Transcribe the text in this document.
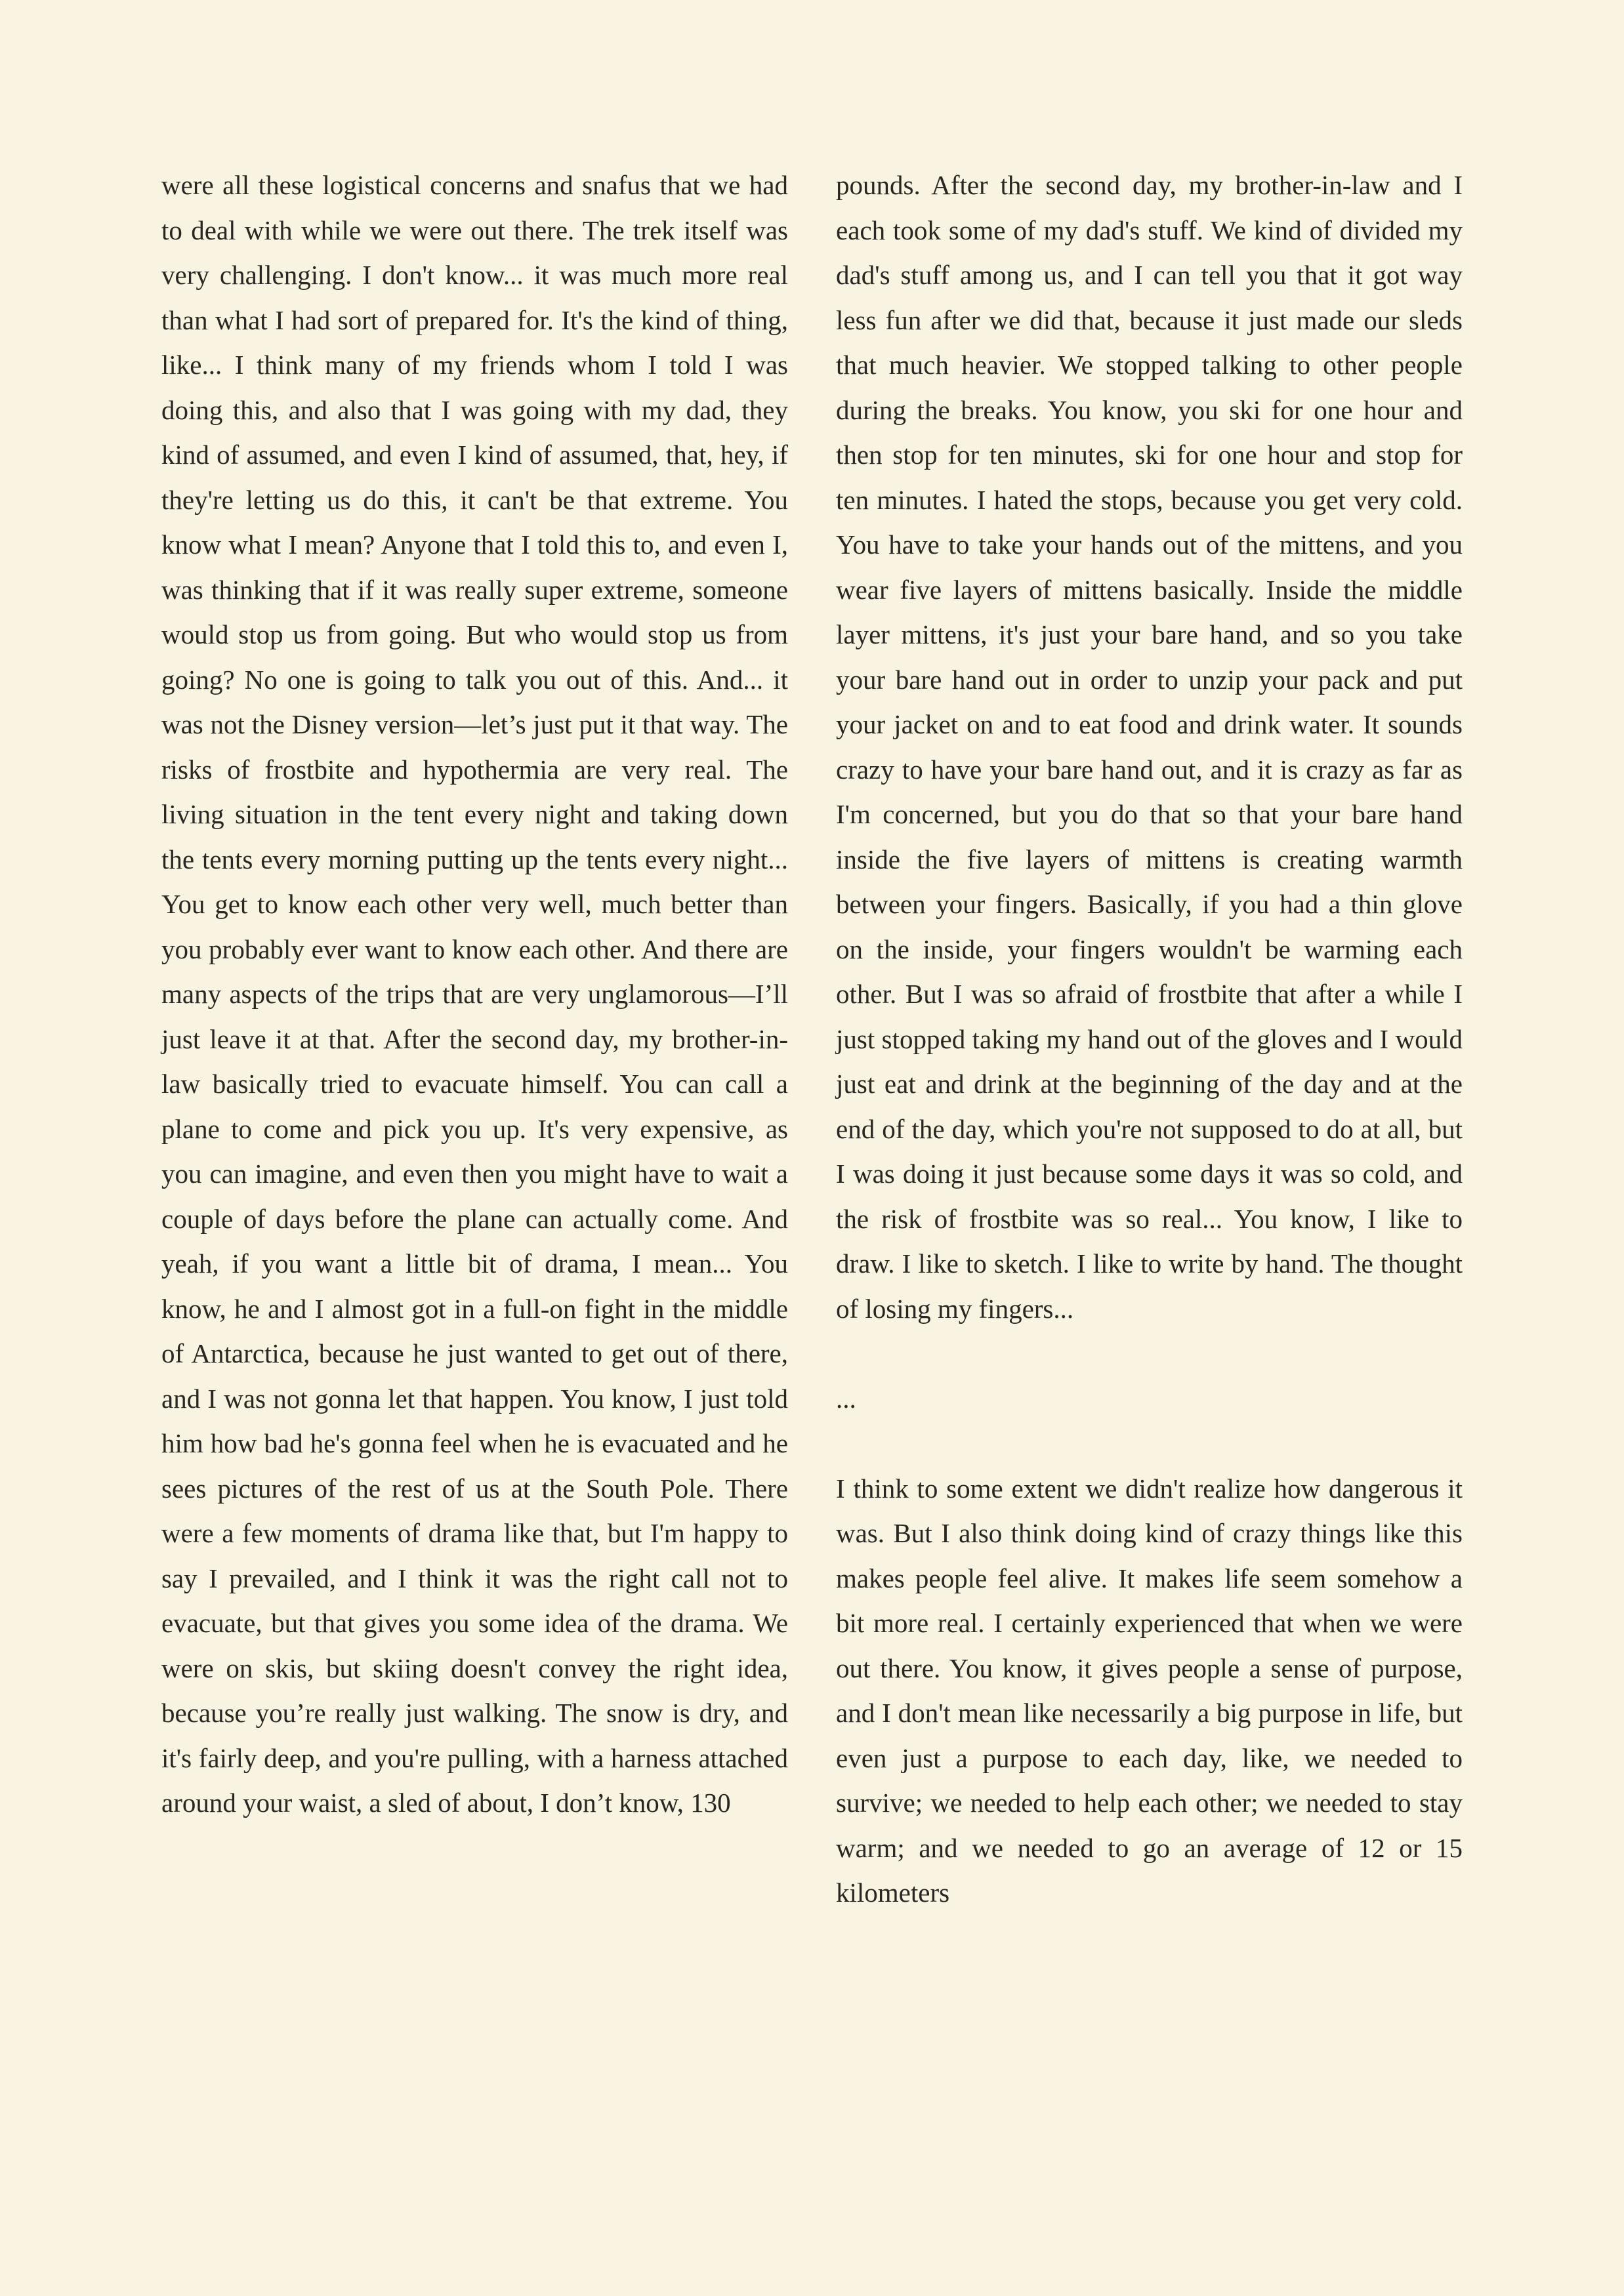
were all these logistical concerns and snafus that we had to deal with while we were out there. The trek itself was very challenging. I don't know... it was much more real than what I had sort of prepared for. It's the kind of thing, like... I think many of my friends whom I told I was doing this, and also that I was going with my dad, they kind of assumed, and even I kind of assumed, that, hey, if they're letting us do this, it can't be that extreme. You know what I mean? Anyone that I told this to, and even I, was thinking that if it was really super extreme, someone would stop us from going. But who would stop us from going? No one is going to talk you out of this. And... it was not the Disney version—let’s just put it that way. The risks of frostbite and hypothermia are very real. The living situation in the tent every night and taking down the tents every morning putting up the tents every night... You get to know each other very well, much better than you probably ever want to know each other. And there are many aspects of the trips that are very unglamorous—I’ll just leave it at that. After the second day, my brother-in-law basically tried to evacuate himself. You can call a plane to come and pick you up. It's very expensive, as you can imagine, and even then you might have to wait a couple of days before the plane can actually come. And yeah, if you want a little bit of drama, I mean... You know, he and I almost got in a full-on fight in the middle of Antarctica, because he just wanted to get out of there, and I was not gonna let that happen. You know, I just told him how bad he's gonna feel when he is evacuated and he sees pictures of the rest of us at the South Pole. There were a few moments of drama like that, but I'm happy to say I prevailed, and I think it was the right call not to evacuate, but that gives you some idea of the drama. We were on skis, but skiing doesn't convey the right idea, because you’re really just walking. The snow is dry, and it's fairly deep, and you're pulling, with a harness attached around your waist, a sled of about, I don’t know, 130

pounds. After the second day, my brother-in-law and I each took some of my dad's stuff. We kind of divided my dad's stuff among us, and I can tell you that it got way less fun after we did that, because it just made our sleds that much heavier. We stopped talking to other people during the breaks. You know, you ski for one hour and then stop for ten minutes, ski for one hour and stop for ten minutes. I hated the stops, because you get very cold. You have to take your hands out of the mittens, and you wear five layers of mittens basically. Inside the middle layer mittens, it's just your bare hand, and so you take your bare hand out in order to unzip your pack and put your jacket on and to eat food and drink water. It sounds crazy to have your bare hand out, and it is crazy as far as I'm concerned, but you do that so that your bare hand inside the five layers of mittens is creating warmth between your fingers. Basically, if you had a thin glove on the inside, your fingers wouldn't be warming each other. But I was so afraid of frostbite that after a while I just stopped taking my hand out of the gloves and I would just eat and drink at the beginning of the day and at the end of the day, which you're not supposed to do at all, but I was doing it just because some days it was so cold, and the risk of frostbite was so real... You know, I like to draw. I like to sketch. I like to write by hand. The thought of losing my fingers...

...

I think to some extent we didn't realize how dangerous it was. But I also think doing kind of crazy things like this makes people feel alive. It makes life seem somehow a bit more real. I certainly experienced that when we were out there. You know, it gives people a sense of purpose, and I don't mean like necessarily a big purpose in life, but even just a purpose to each day, like, we needed to survive; we needed to help each other; we needed to stay warm; and we needed to go an average of 12 or 15 kilometers
